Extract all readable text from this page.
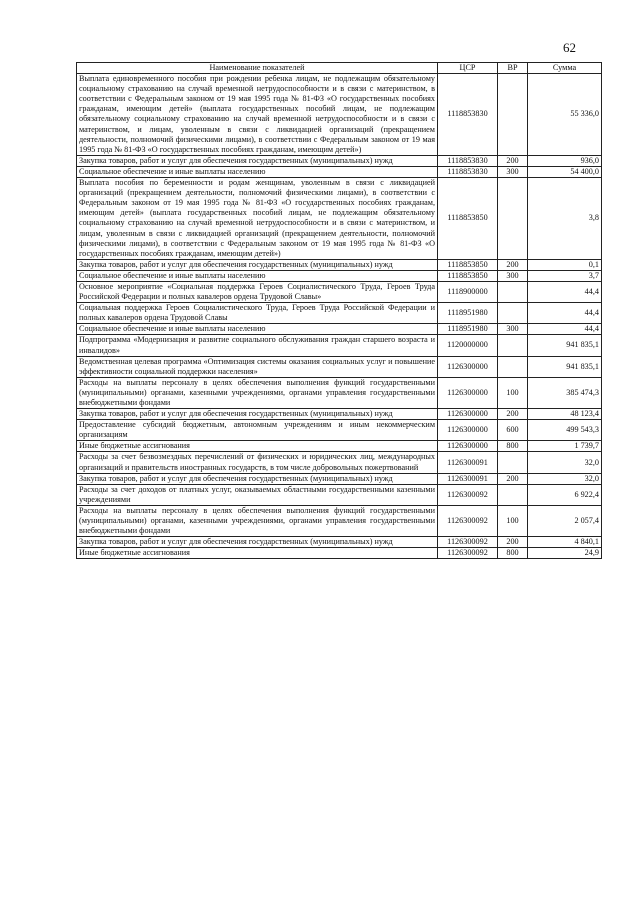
62
Наименование показателей	ЦСР	ВР	Сумма
Выплата единовременного пособия при рождении ребенка лицам, не подлежащим обязательному социальному страхованию на случай временной нетрудоспособности и в связи с материнством, в соответствии с Федеральным законом от 19 мая 1995 года № 81-ФЗ «О государственных пособиях гражданам, имеющим детей» (выплата государственных пособий лицам, не подлежащим обязательному социальному страхованию на случай временной нетрудоспособности и в связи с материнством, и лицам, уволенным в связи с ликвидацией организаций (прекращением деятельности, полномочий физическими лицами), в соответствии с Федеральным законом от 19 мая 1995 года № 81-ФЗ «О государственных пособиях гражданам, имеющим детей»)	1118853830		55 336,0
Закупка товаров, работ и услуг для обеспечения государственных (муниципальных) нужд	1118853830	200	936,0
Социальное обеспечение и иные выплаты населению	1118853830	300	54 400,0
Выплата пособия по беременности и родам женщинам, уволенным в связи с ликвидацией организаций (прекращением деятельности, полномочий физическими лицами), в соответствии с Федеральным законом от 19 мая 1995 года № 81-ФЗ «О государственных пособиях гражданам, имеющим детей» (выплата государственных пособий лицам, не подлежащим обязательному социальному страхованию на случай временной нетрудоспособности и в связи с материнством, и лицам, уволенным в связи с ликвидацией организаций (прекращением деятельности, полномочий физическими лицами), в соответствии с Федеральным законом от 19 мая 1995 года № 81-ФЗ «О государственных пособиях гражданам, имеющим детей»)	1118853850		3,8
Закупка товаров, работ и услуг для обеспечения государственных (муниципальных) нужд	1118853850	200	0,1
Социальное обеспечение и иные выплаты населению	1118853850	300	3,7
Основное мероприятие «Социальная поддержка Героев Социалистического Труда, Героев Труда Российской Федерации и полных кавалеров ордена Трудовой Славы»	1118900000		44,4
Социальная поддержка Героев Социалистического Труда, Героев Труда Российской Федерации и полных кавалеров ордена Трудовой Славы	1118951980		44,4
Социальное обеспечение и иные выплаты населению	1118951980	300	44,4
Подпрограмма «Модернизация и развитие социального обслуживания граждан старшего возраста и инвалидов»	1120000000		941 835,1
Ведомственная целевая программа «Оптимизация системы оказания социальных услуг и повышение эффективности социальной поддержки населения»	1126300000		941 835,1
Расходы на выплаты персоналу в целях обеспечения выполнения функций государственными (муниципальными) органами, казенными учреждениями, органами управления государственными внебюджетными фондами	1126300000	100	385 474,3
Закупка товаров, работ и услуг для обеспечения государственных (муниципальных) нужд	1126300000	200	48 123,4
Предоставление субсидий бюджетным, автономным учреждениям и иным некоммерческим организациям	1126300000	600	499 543,3
Иные бюджетные ассигнования	1126300000	800	1 739,7
Расходы за счет безвозмездных перечислений от физических и юридических лиц, международных организаций и правительств иностранных государств, в том числе добровольных пожертвований	1126300091		32,0
Закупка товаров, работ и услуг для обеспечения государственных (муниципальных) нужд	1126300091	200	32,0
Расходы за счет доходов от платных услуг, оказываемых областными государственными казенными учреждениями	1126300092		6 922,4
Расходы на выплаты персоналу в целях обеспечения выполнения функций государственными (муниципальными) органами, казенными учреждениями, органами управления государственными внебюджетными фондами	1126300092	100	2 057,4
Закупка товаров, работ и услуг для обеспечения государственных (муниципальных) нужд	1126300092	200	4 840,1
Иные бюджетные ассигнования	1126300092	800	24,9
